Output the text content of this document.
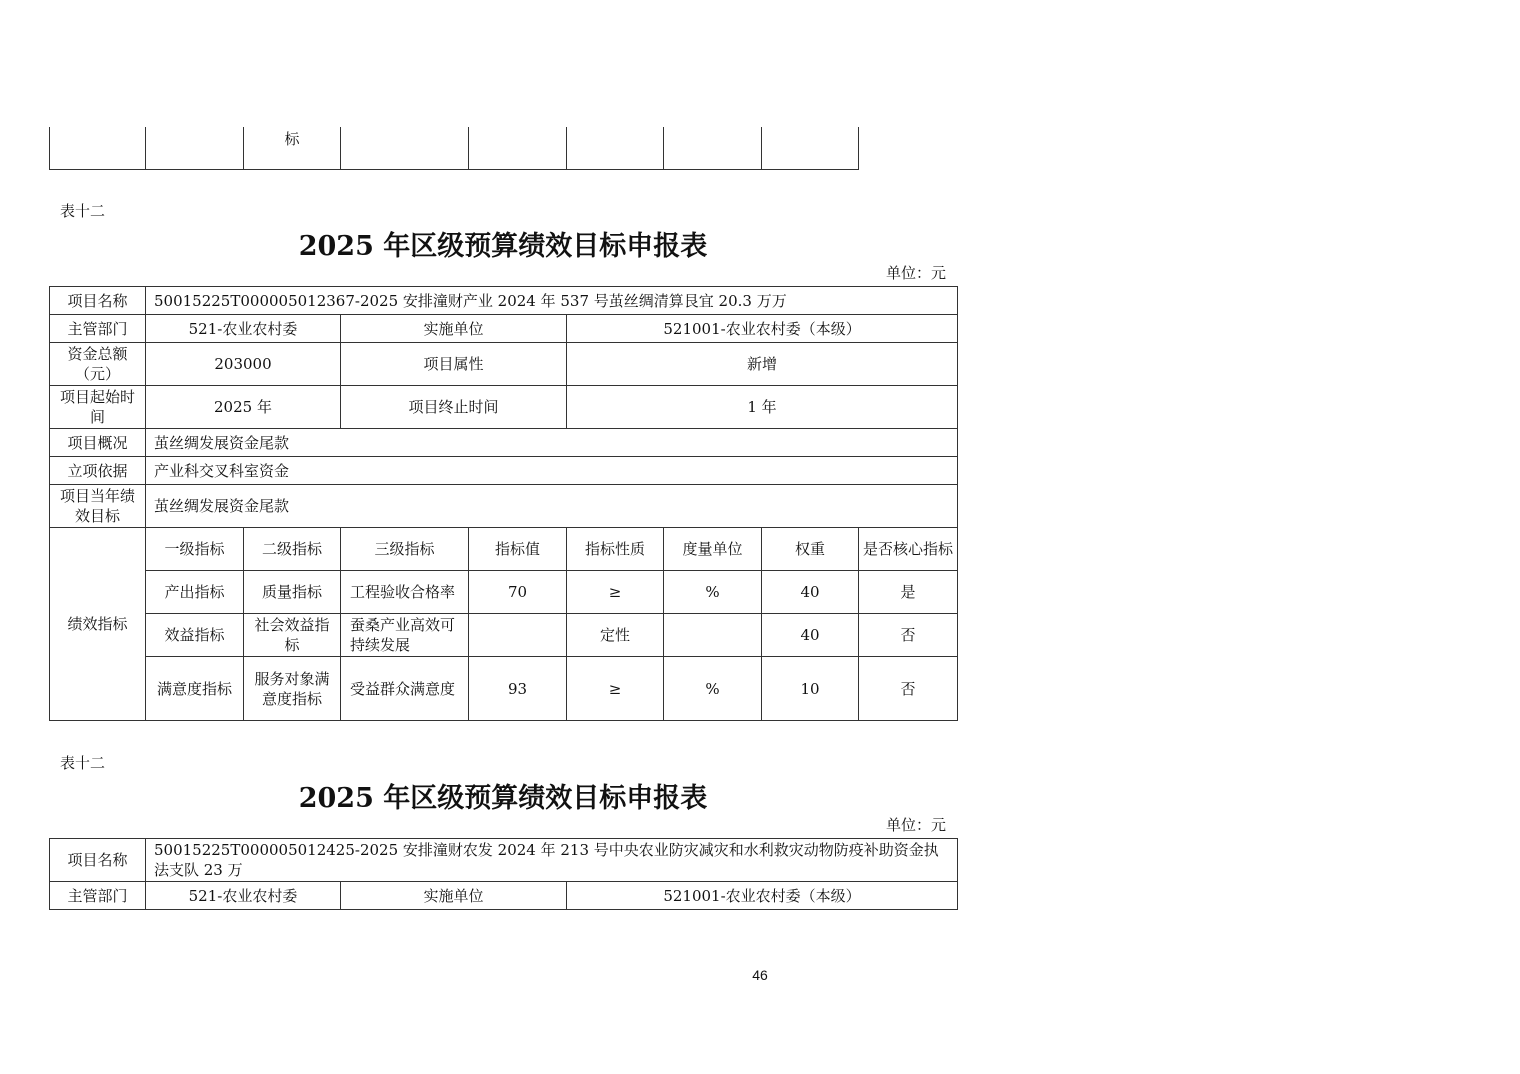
		标					
表十二
2025 年区级预算绩效目标申报表
单位：元
项目名称	50015225T000005012367-2025 安排潼财产业 2024 年 537 号茧丝绸清算艮宜 20.3 万万							
主管部门	521-农业农村委		实施单位		521001-农业农村委（本级）			
资金总额（元）	203000		项目属性		新增			
项目起始时间	2025 年		项目终止时间		1 年			
项目概况	茧丝绸发展资金尾款							
立项依据	产业科交叉科室资金							
项目当年绩效目标	茧丝绸发展资金尾款							
绩效指标	一级指标	二级指标	三级指标	指标值	指标性质	度量单位	权重	是否核心指标
	产出指标	质量指标	工程验收合格率	70	≥	%	40	是
	效益指标	社会效益指标	蚕桑产业高效可持续发展		定性		40	否
	满意度指标	服务对象满意度指标	受益群众满意度	93	≥	%	10	否
表十二
2025 年区级预算绩效目标申报表
单位：元
项目名称	50015225T000005012425-2025 安排潼财农发 2024 年 213 号中央农业防灾减灾和水利救灾动物防疫补助资金执法支队 23 万		
主管部门	521-农业农村委	实施单位	521001-农业农村委（本级）
46
